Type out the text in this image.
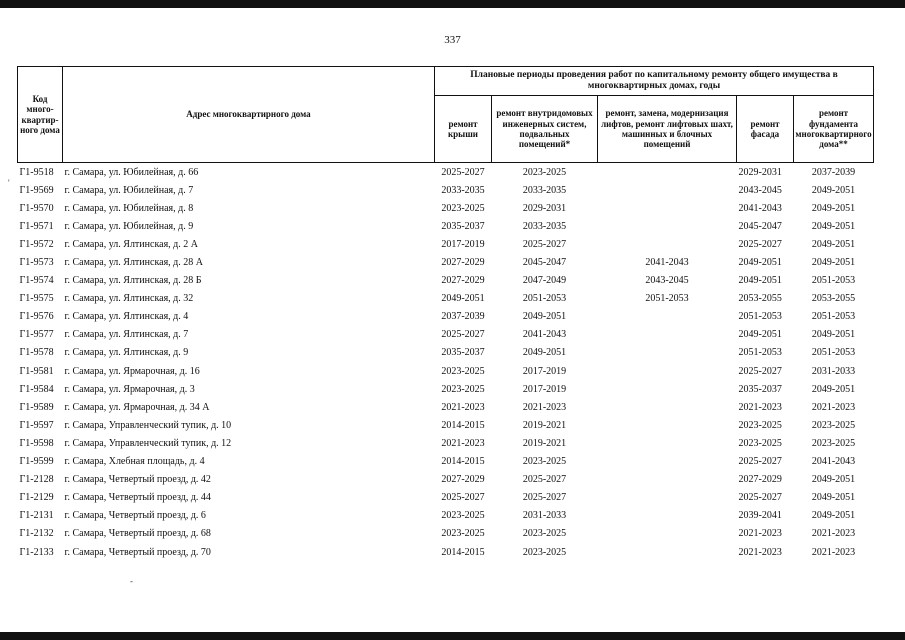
337
'
-
Код много-квартир-ного дома	Адрес многоквартирного дома	Плановые периоды проведения работ по капитальному ремонту общего имущества в многоквартирных домах, годы				
		ремонт крыши	ремонт внутридомовых инженерных систем, подвальных помещений*	ремонт, замена, модернизация лифтов, ремонт лифтовых шахт, машинных и блочных помещений	ремонт фасада	ремонт фундамента многоквартирного дома**
Г1-9518	г. Самара, ул. Юбилейная, д. 66	2025-2027	2023-2025		2029-2031	2037-2039
Г1-9569	г. Самара, ул. Юбилейная, д. 7	2033-2035	2033-2035		2043-2045	2049-2051
Г1-9570	г. Самара, ул. Юбилейная, д. 8	2023-2025	2029-2031		2041-2043	2049-2051
Г1-9571	г. Самара, ул. Юбилейная, д. 9	2035-2037	2033-2035		2045-2047	2049-2051
Г1-9572	г. Самара, ул. Ялтинская, д. 2 А	2017-2019	2025-2027		2025-2027	2049-2051
Г1-9573	г. Самара, ул. Ялтинская, д. 28 А	2027-2029	2045-2047	2041-2043	2049-2051	2049-2051
Г1-9574	г. Самара, ул. Ялтинская, д. 28 Б	2027-2029	2047-2049	2043-2045	2049-2051	2051-2053
Г1-9575	г. Самара, ул. Ялтинская, д. 32	2049-2051	2051-2053	2051-2053	2053-2055	2053-2055
Г1-9576	г. Самара, ул. Ялтинская, д. 4	2037-2039	2049-2051		2051-2053	2051-2053
Г1-9577	г. Самара, ул. Ялтинская, д. 7	2025-2027	2041-2043		2049-2051	2049-2051
Г1-9578	г. Самара, ул. Ялтинская, д. 9	2035-2037	2049-2051		2051-2053	2051-2053
Г1-9581	г. Самара, ул. Ярмарочная, д. 16	2023-2025	2017-2019		2025-2027	2031-2033
Г1-9584	г. Самара, ул. Ярмарочная, д. 3	2023-2025	2017-2019		2035-2037	2049-2051
Г1-9589	г. Самара, ул. Ярмарочная, д. 34 А	2021-2023	2021-2023		2021-2023	2021-2023
Г1-9597	г. Самара, Управленческий тупик, д. 10	2014-2015	2019-2021		2023-2025	2023-2025
Г1-9598	г. Самара, Управленческий тупик, д. 12	2021-2023	2019-2021		2023-2025	2023-2025
Г1-9599	г. Самара, Хлебная площадь, д. 4	2014-2015	2023-2025		2025-2027	2041-2043
Г1-2128	г. Самара, Четвертый проезд, д. 42	2027-2029	2025-2027		2027-2029	2049-2051
Г1-2129	г. Самара, Четвертый проезд, д. 44	2025-2027	2025-2027		2025-2027	2049-2051
Г1-2131	г. Самара, Четвертый проезд, д. 6	2023-2025	2031-2033		2039-2041	2049-2051
Г1-2132	г. Самара, Четвертый проезд, д. 68	2023-2025	2023-2025		2021-2023	2021-2023
Г1-2133	г. Самара, Четвертый проезд, д. 70	2014-2015	2023-2025		2021-2023	2021-2023
